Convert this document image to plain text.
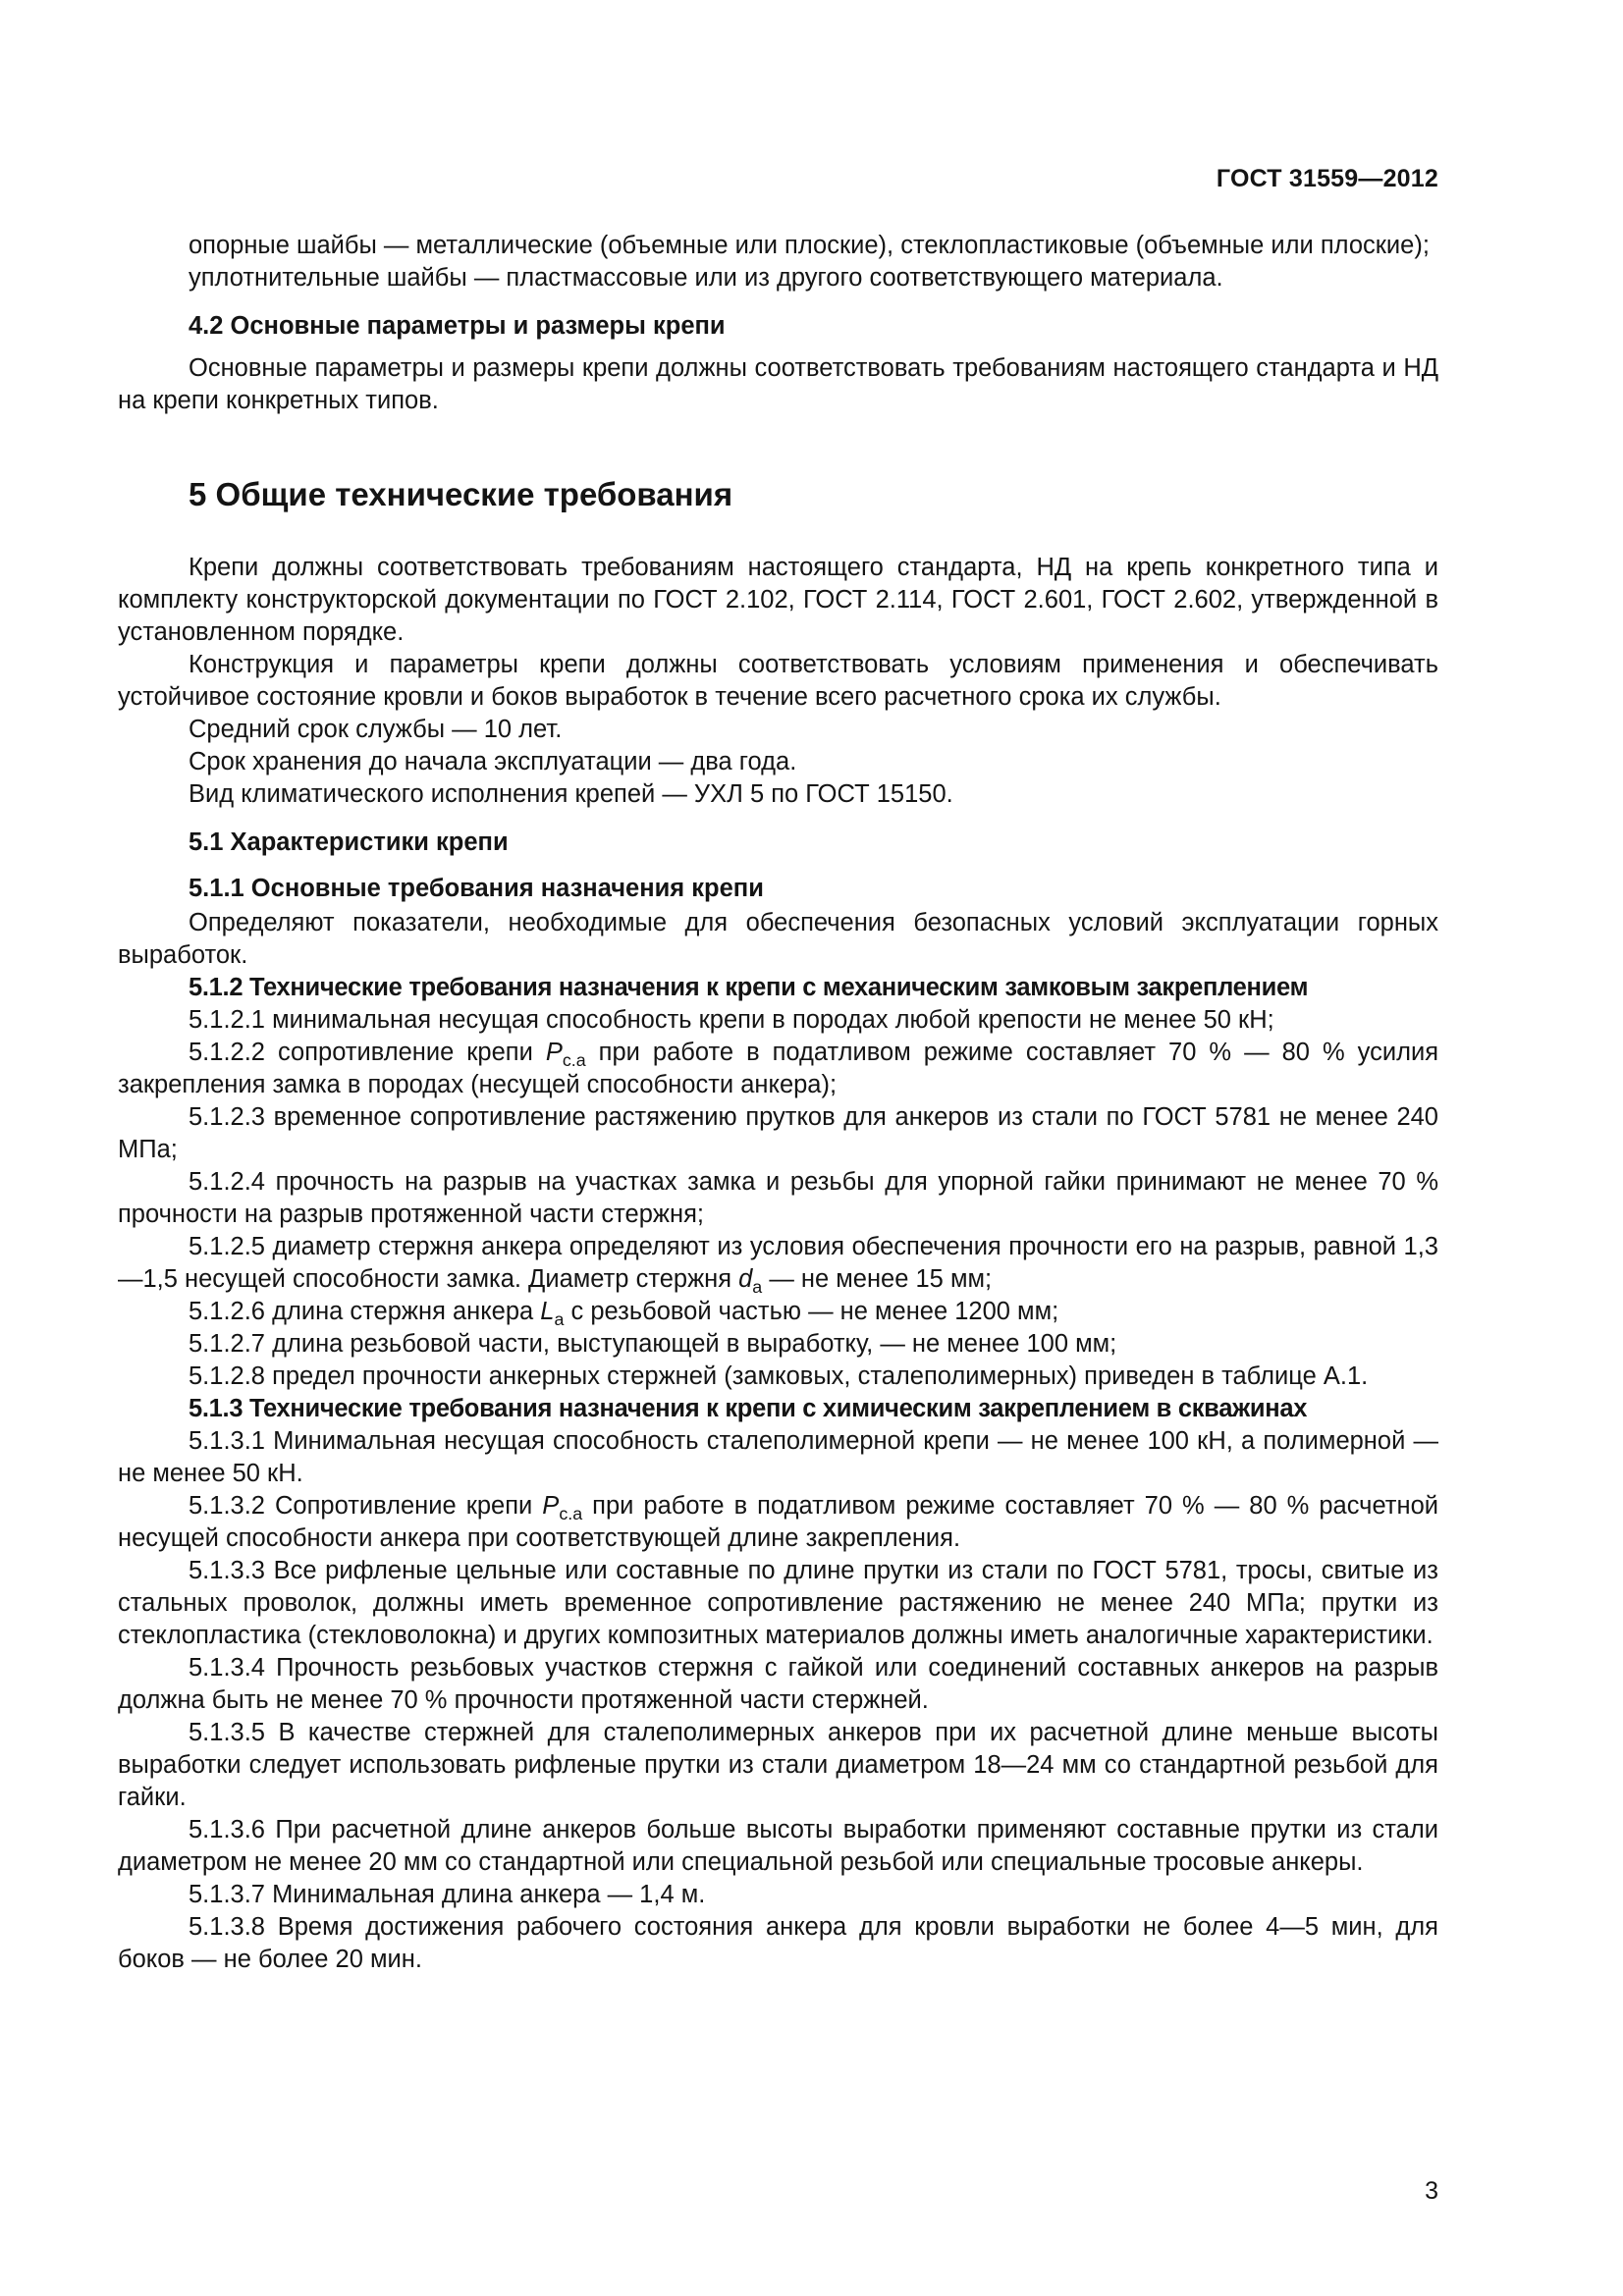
ГОСТ 31559—2012

опорные шайбы — металлические (объемные или плоские), стеклопластиковые (объемные или плоские);

уплотнительные шайбы — пластмассовые или из другого соответствующего материала.

4.2 Основные параметры и размеры крепи

Основные параметры и размеры крепи должны соответствовать требованиям настоящего стандарта и НД на крепи конкретных типов.

5 Общие технические требования

Крепи должны соответствовать требованиям настоящего стандарта, НД на крепь конкретного типа и комплекту конструкторской документации по ГОСТ 2.102, ГОСТ 2.114, ГОСТ 2.601, ГОСТ 2.602, утвержденной в установленном порядке.

Конструкция и параметры крепи должны соответствовать условиям применения и обеспечивать устойчивое состояние кровли и боков выработок в течение всего расчетного срока их службы.

Средний срок службы — 10 лет.

Срок хранения до начала эксплуатации — два года.

Вид климатического исполнения крепей — УХЛ 5 по ГОСТ 15150.

5.1 Характеристики крепи

5.1.1 Основные требования назначения крепи

Определяют показатели, необходимые для обеспечения безопасных условий эксплуатации горных выработок.

5.1.2 Технические требования назначения к крепи с механическим замковым закреплением

5.1.2.1 минимальная несущая способность крепи в породах любой крепости не менее 50 кН;

5.1.2.2 сопротивление крепи $P_{с.а}$ при работе в податливом режиме составляет 70 % — 80 % усилия закрепления замка в породах (несущей способности анкера);

5.1.2.3 временное сопротивление растяжению прутков для анкеров из стали по ГОСТ 5781 не менее 240 МПа;

5.1.2.4 прочность на разрыв на участках замка и резьбы для упорной гайки принимают не менее 70 % прочности на разрыв протяженной части стержня;

5.1.2.5 диаметр стержня анкера определяют из условия обеспечения прочности его на разрыв, равной 1,3—1,5 несущей способности замка. Диаметр стержня $d_a$ — не менее 15 мм;

5.1.2.6 длина стержня анкера $L_a$ с резьбовой частью — не менее 1200 мм;

5.1.2.7 длина резьбовой части, выступающей в выработку, — не менее 100 мм;

5.1.2.8 предел прочности анкерных стержней (замковых, сталеполимерных) приведен в таблице А.1.

5.1.3 Технические требования назначения к крепи с химическим закреплением в скважинах

5.1.3.1 Минимальная несущая способность сталеполимерной крепи — не менее 100 кН, а полимерной — не менее 50 кН.

5.1.3.2 Сопротивление крепи $P_{с.а}$ при работе в податливом режиме составляет 70 % — 80 % расчетной несущей способности анкера при соответствующей длине закрепления.

5.1.3.3 Все рифленые цельные или составные по длине прутки из стали по ГОСТ 5781, тросы, свитые из стальных проволок, должны иметь временное сопротивление растяжению не менее 240 МПа; прутки из стеклопластика (стекловолокна) и других композитных материалов должны иметь аналогичные характеристики.

5.1.3.4 Прочность резьбовых участков стержня с гайкой или соединений составных анкеров на разрыв должна быть не менее 70 % прочности протяженной части стержней.

5.1.3.5 В качестве стержней для сталеполимерных анкеров при их расчетной длине меньше высоты выработки следует использовать рифленые прутки из стали диаметром 18—24 мм со стандартной резьбой для гайки.

5.1.3.6 При расчетной длине анкеров больше высоты выработки применяют составные прутки из стали диаметром не менее 20 мм со стандартной или специальной резьбой или специальные тросовые анкеры.

5.1.3.7 Минимальная длина анкера — 1,4 м.

5.1.3.8 Время достижения рабочего состояния анкера для кровли выработки не более 4—5 мин, для боков — не более 20 мин.

3
